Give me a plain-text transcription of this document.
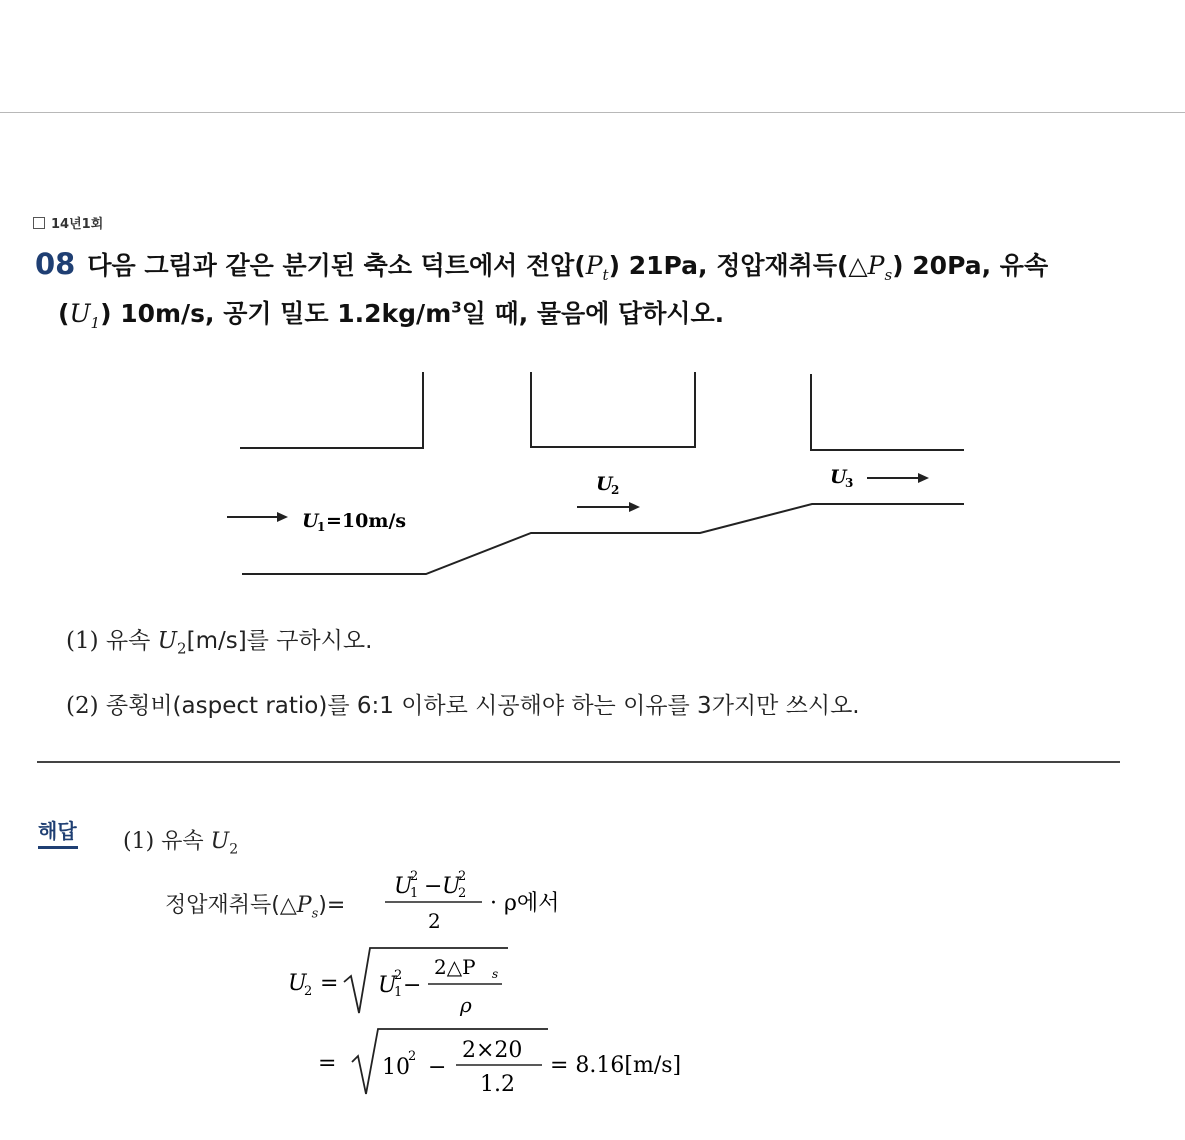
14년1회
08 다음 그림과 같은 분기된 축소 덕트에서 전압$(P_t)$ 21Pa, 정압재취득$(\triangle P_s)$ 20Pa, 유속
$(U_1)$ 10m/s, 공기 밀도 $1.2kg/m^3$일 때, 물음에 답하시오.
U
1 =10m/s
U
2
U
3
(1) 유속 $U_2[m/s]$를 구하시오.
(2) 종횡비(aspect ratio)를 6:1 이하로 시공해야 하는 이유를 3가지만 쓰시오.
해답 (1) 유속 $U_2$
정압재취득$(\triangle P_s)=$
U
2
1 − U
2
2
2
· ρ에서
U
2 = U
2
1 −
2△P s
ρ
= 10
2 −
2×20
1.2
= 8.16[m/s]
